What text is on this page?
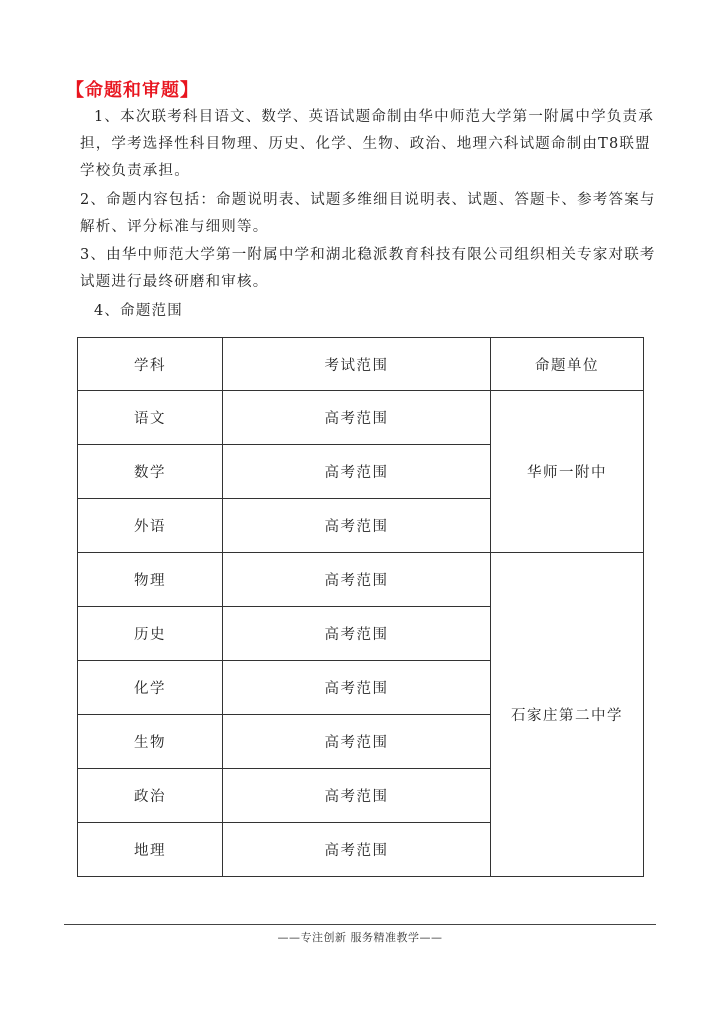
【命题和审题】
1、本次联考科目语文、数学、英语试题命制由华中师范大学第一附属中学负责承担，学考选择性科目物理、历史、化学、生物、政治、地理六科试题命制由T8联盟学校负责承担。
2、命题内容包括：命题说明表、试题多维细目说明表、试题、答题卡、参考答案与解析、评分标准与细则等。
3、由华中师范大学第一附属中学和湖北稳派教育科技有限公司组织相关专家对联考试题进行最终研磨和审核。
4、命题范围
学科	考试范围	命题单位
语文	高考范围	华师一附中
数学	高考范围	
外语	高考范围	
物理	高考范围	石家庄第二中学
历史	高考范围	
化学	高考范围	
生物	高考范围	
政治	高考范围	
地理	高考范围	
——专注创新 服务精准教学——
